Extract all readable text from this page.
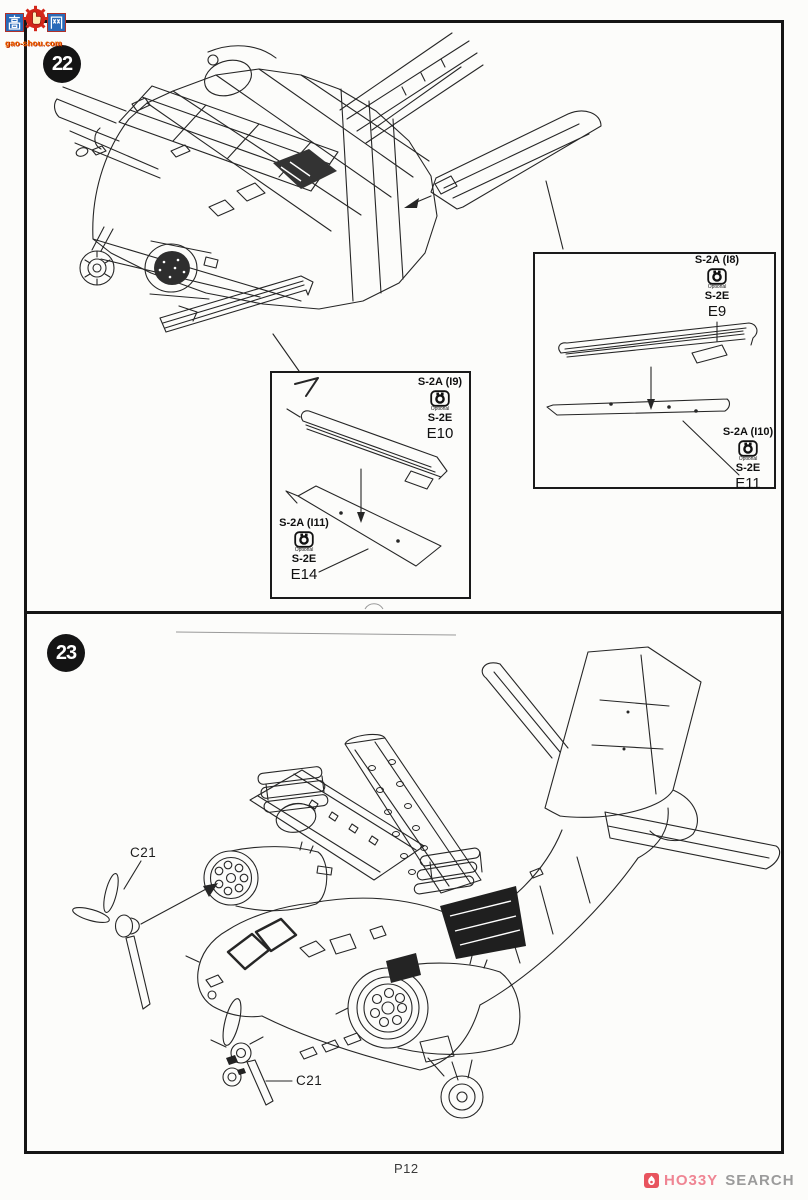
22
23
S-2A (I9)
Optional
S-2E
E10
S-2A (I11)
Optional
S-2E
E14
S-2A (I8)
Optional
S-2E
E9
S-2A (I10)
Optional
S-2E
E11
C21
C21
gao-shou.com
P12
HO33Y SEARCH
